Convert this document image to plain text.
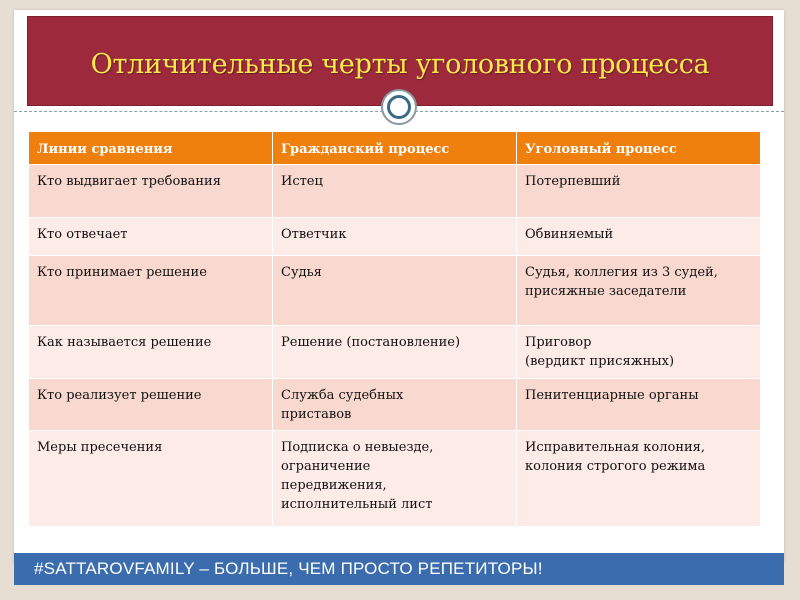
Отличительные черты уголовного процесса
Линии сравнения	Гражданский процесс	Уголовный процесс

Кто выдвигает требования	Истец	Потерпевший

Кто отвечает	Ответчик	Обвиняемый

Кто принимает решение	Судья	Судья, коллегия из 3 судей,
присяжные заседатели

Как называется решение	Решение (постановление)	Приговор
(вердикт присяжных)

Кто реализует решение	Служба судебных
приставов	Пенитенциарные органы

Меры пресечения	Подписка о невыезде,
ограничение
передвижения,
исполнительный лист	Исправительная колония,
колония строгого режима
#SATTAROVFAMILY – БОЛЬШЕ, ЧЕМ ПРОСТО РЕПЕТИТОРЫ!
